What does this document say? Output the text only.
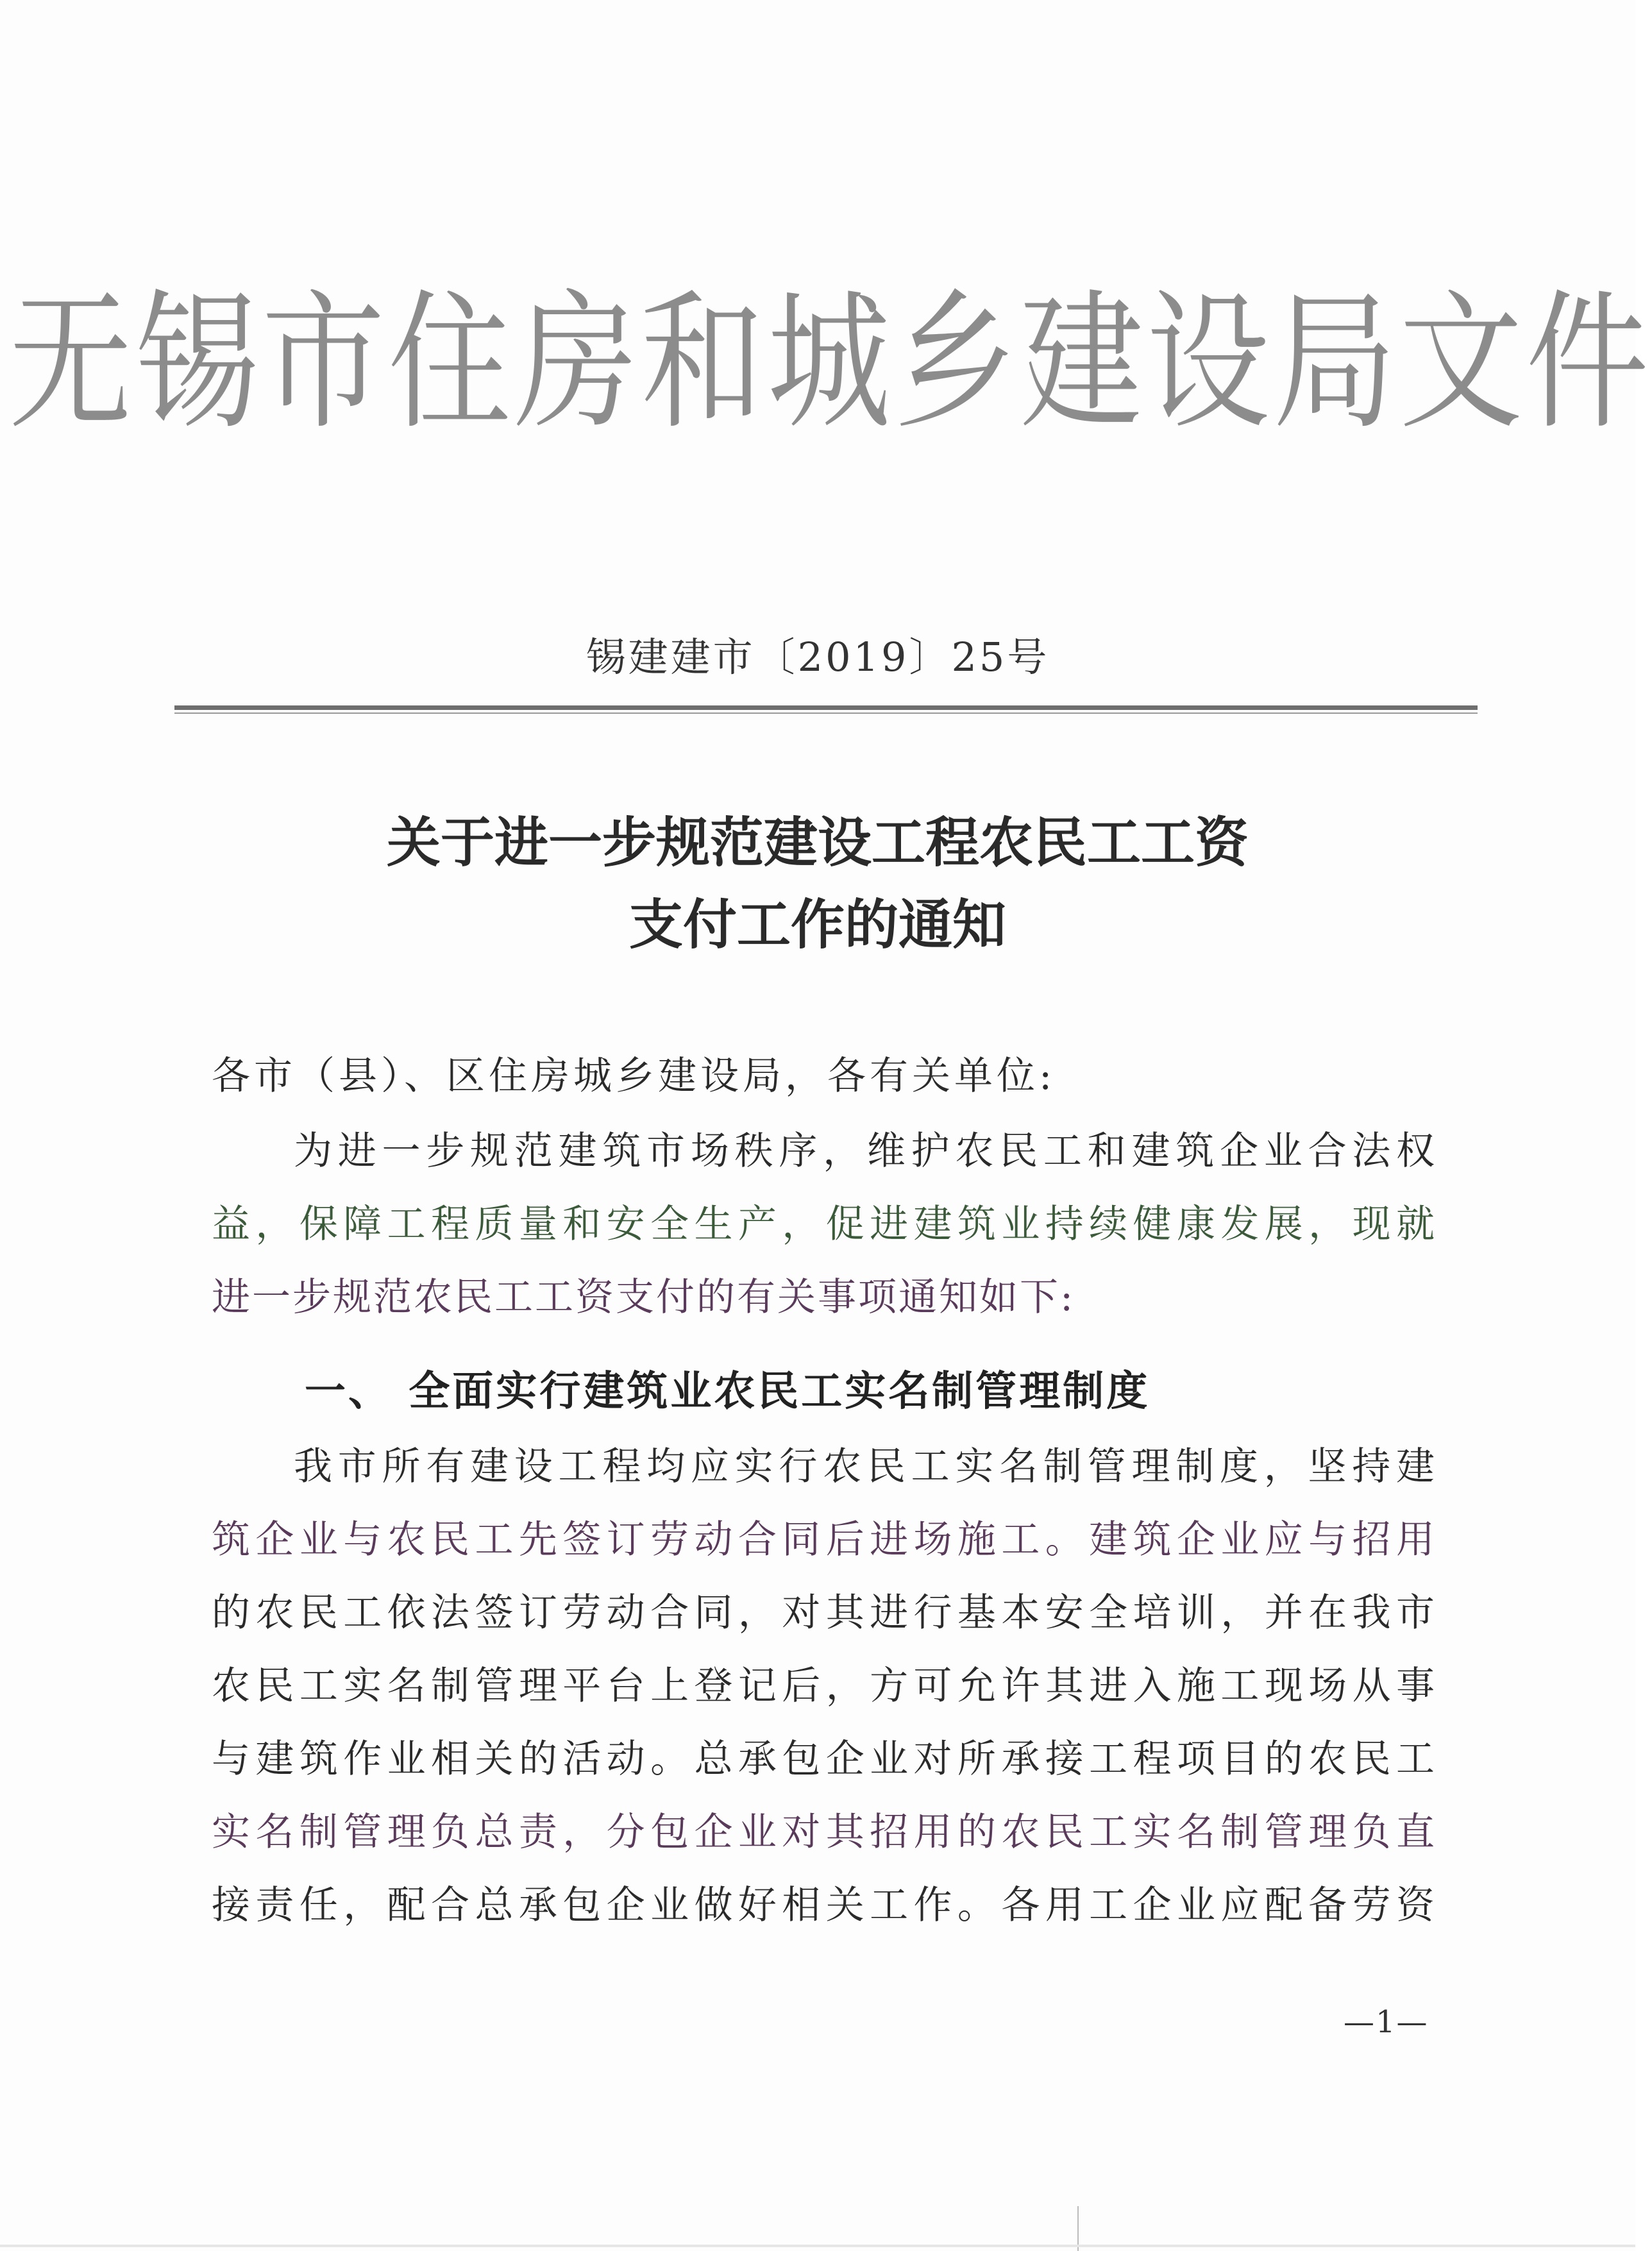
无锡市住房和城乡建设局文件
锡建建市〔2019〕25号
关于进一步规范建设工程农民工工资
支付工作的通知
各市（县）、区住房城乡建设局，各有关单位:
为进一步规范建筑市场秩序，维护农民工和建筑企业合法权
益，保障工程质量和安全生产，促进建筑业持续健康发展，现就
进一步规范农民工工资支付的有关事项通知如下:
一、 全面实行建筑业农民工实名制管理制度
我市所有建设工程均应实行农民工实名制管理制度，坚持建
筑企业与农民工先签订劳动合同后进场施工。建筑企业应与招用
的农民工依法签订劳动合同，对其进行基本安全培训，并在我市
农民工实名制管理平台上登记后，方可允许其进入施工现场从事
与建筑作业相关的活动。总承包企业对所承接工程项目的农民工
实名制管理负总责，分包企业对其招用的农民工实名制管理负直
接责任，配合总承包企业做好相关工作。各用工企业应配备劳资
—1—
